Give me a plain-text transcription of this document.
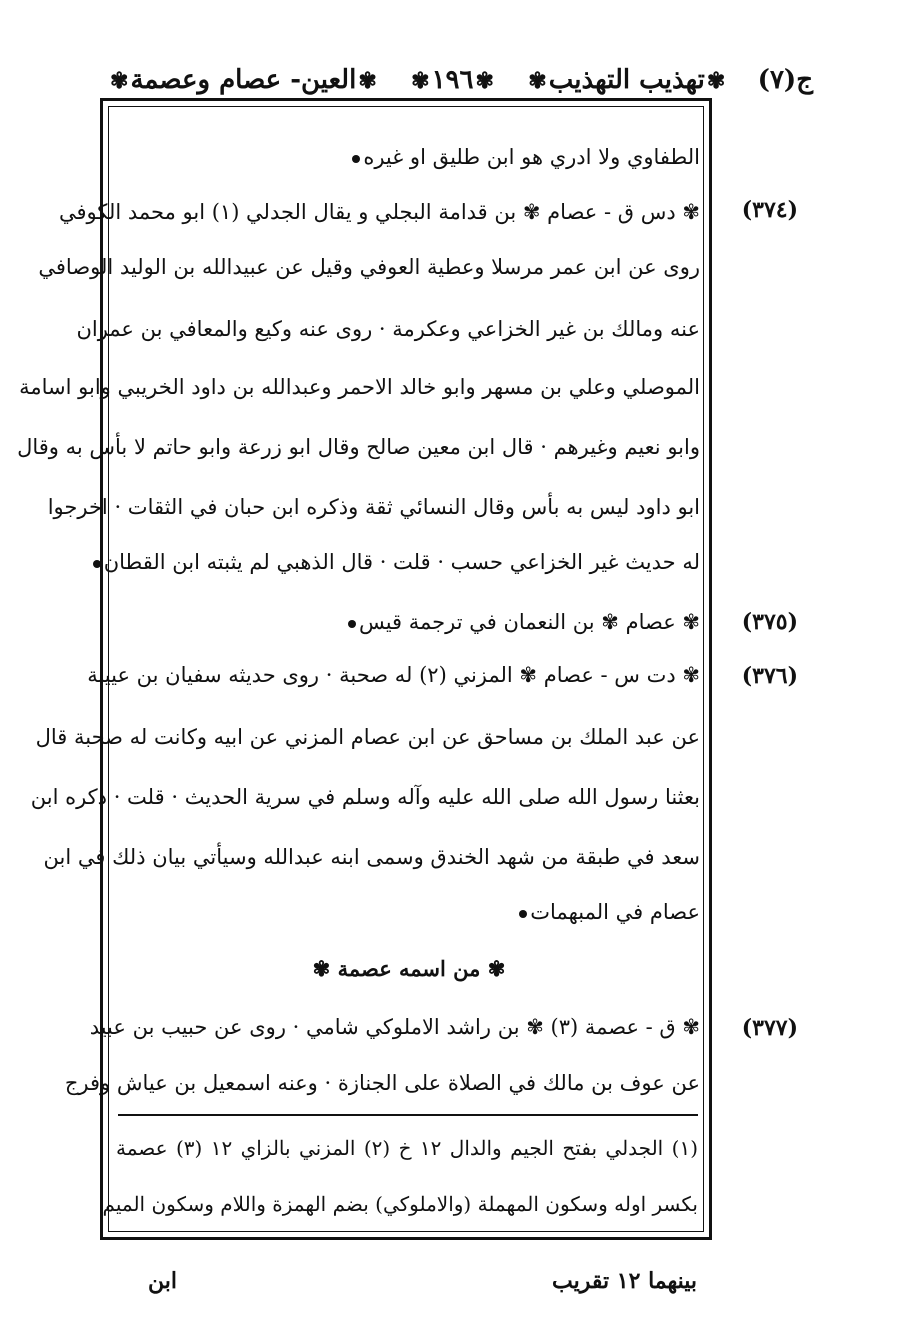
ج(٧)
✾تهذيب التهذيب✾
✾١٩٦✾
✾العين- عصام وعصمة✾
(٣٧٤)
(٣٧٥)
(٣٧٦)
(٣٧٧)
الطفاوي ولا ادري هو ابن طليق او غيره
✾ دس ق - عصام ✾ بن قدامة البجلي و يقال الجدلي (١) ابو محمد الكوفي
روى عن ابن عمر مرسلا وعطية العوفي وقيل عن عبيدالله بن الوليد الوصافي
عنه ومالك بن غير الخزاعي وعكرمة · روى عنه وكيع والمعافي بن عمران
الموصلي وعلي بن مسهر وابو خالد الاحمر وعبدالله بن داود الخريبي وابو اسامة
وابو نعيم وغيرهم · قال ابن معين صالح وقال ابو زرعة وابو حاتم لا بأس به وقال
ابو داود ليس به بأس وقال النسائي ثقة وذكره ابن حبان في الثقات · اخرجوا
له حديث غير الخزاعي حسب · قلت · قال الذهبي لم يثبته ابن القطان
✾ عصام ✾ بن النعمان في ترجمة قيس
✾ دت س - عصام ✾ المزني (٢) له صحبة · روى حديثه سفيان بن عيينة
عن عبد الملك بن مساحق عن ابن عصام المزني عن ابيه وكانت له صحبة قال
بعثنا رسول الله صلى الله عليه وآله وسلم في سرية الحديث · قلت · ذكره ابن
سعد في طبقة من شهد الخندق وسمى ابنه عبدالله وسيأتي بيان ذلك في ابن
عصام في المبهمات
✾ من اسمه عصمة ✾
✾ ق - عصمة (٣) ✾ بن راشد الاملوكي شامي · روى عن حبيب بن عبيد
عن عوف بن مالك في الصلاة على الجنازة · وعنه اسمعيل بن عياش وفرج
(١) الجدلي بفتح الجيم والدال ١٢ خ (٢) المزني بالزاي ١٢ (٣) عصمة
بكسر اوله وسكون المهملة (والاملوكي) بضم الهمزة واللام وسكون الميم
ابن	بينهما ١٢ تقريب
